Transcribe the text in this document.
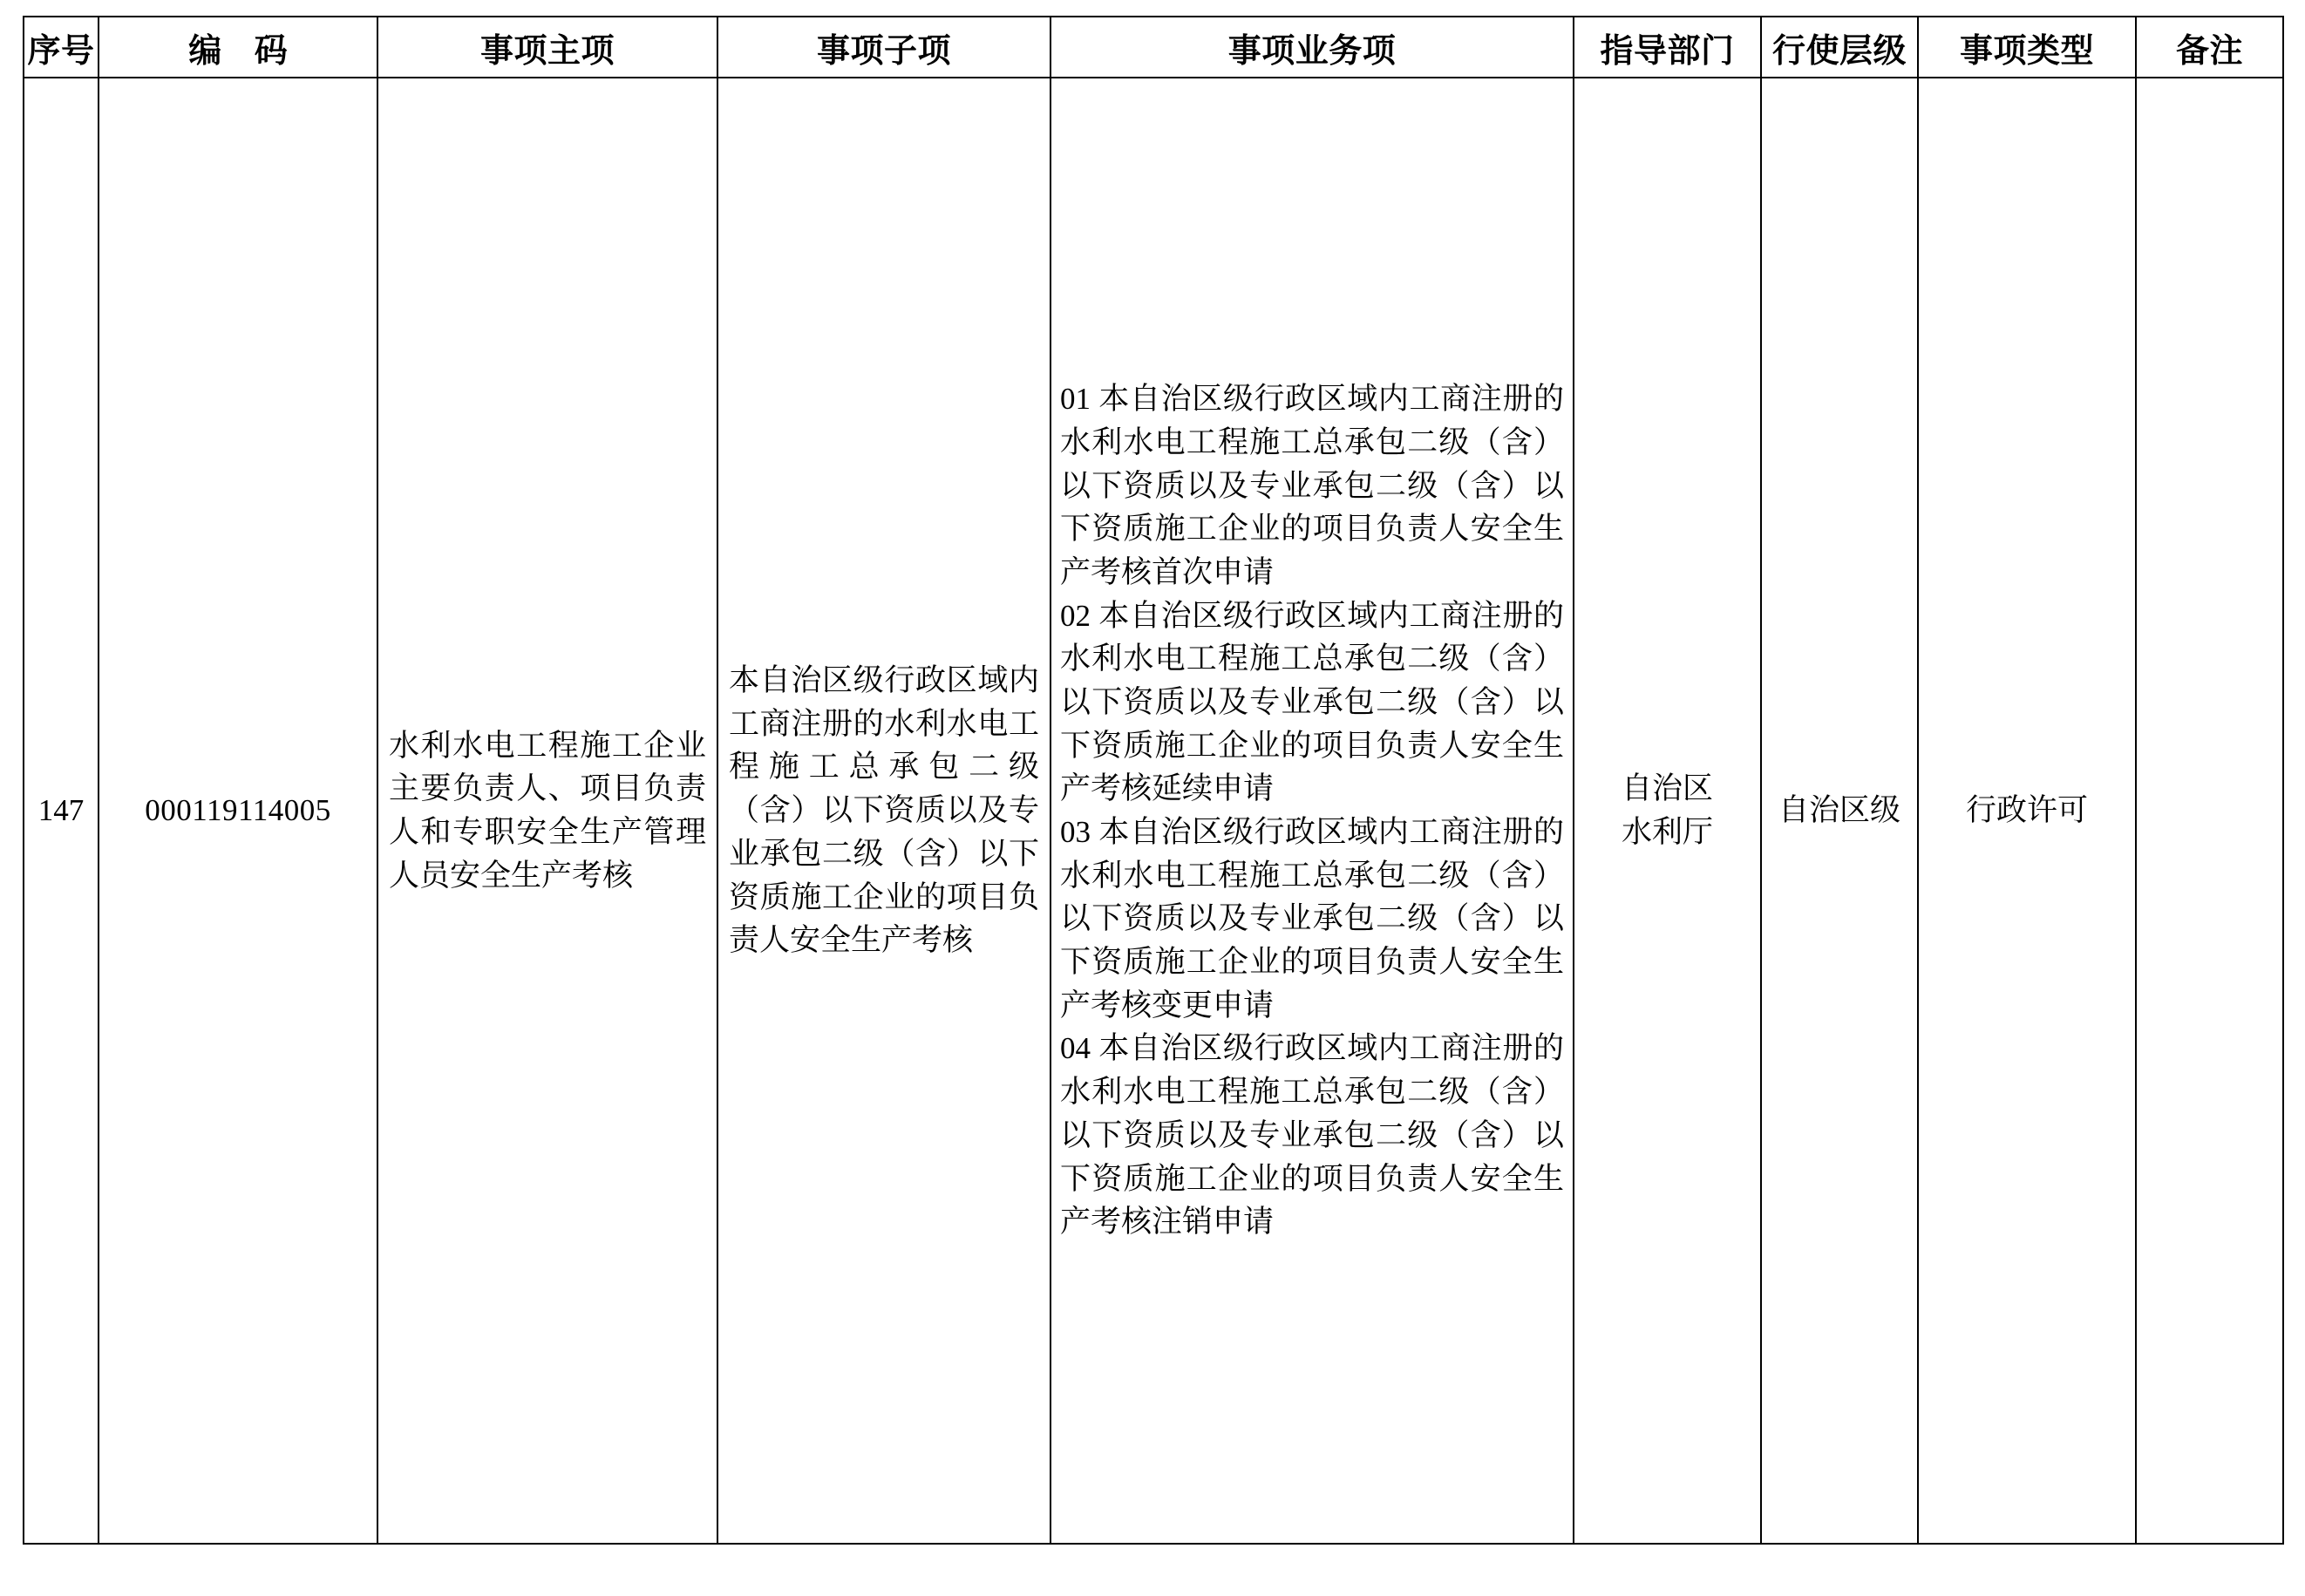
序号	编 码	事项主项	事项子项	事项业务项	指导部门	行使层级	事项类型	备注
147	000119114005	水利水电工程施工企业主要负责人、项目负责人和专职安全生产管理人员安全生产考核	本自治区级行政区域内工商注册的水利水电工程施工总承包二级（含）以下资质以及专业承包二级（含）以下资质施工企业的项目负责人安全生产考核	01 本自治区级行政区域内工商注册的水利水电工程施工总承包二级（含）以下资质以及专业承包二级（含）以下资质施工企业的项目负责人安全生产考核首次申请
02 本自治区级行政区域内工商注册的水利水电工程施工总承包二级（含）以下资质以及专业承包二级（含）以下资质施工企业的项目负责人安全生产考核延续申请
03 本自治区级行政区域内工商注册的水利水电工程施工总承包二级（含）以下资质以及专业承包二级（含）以下资质施工企业的项目负责人安全生产考核变更申请
04 本自治区级行政区域内工商注册的水利水电工程施工总承包二级（含）以下资质以及专业承包二级（含）以下资质施工企业的项目负责人安全生产考核注销申请	自治区
水利厅	自治区级	行政许可	
